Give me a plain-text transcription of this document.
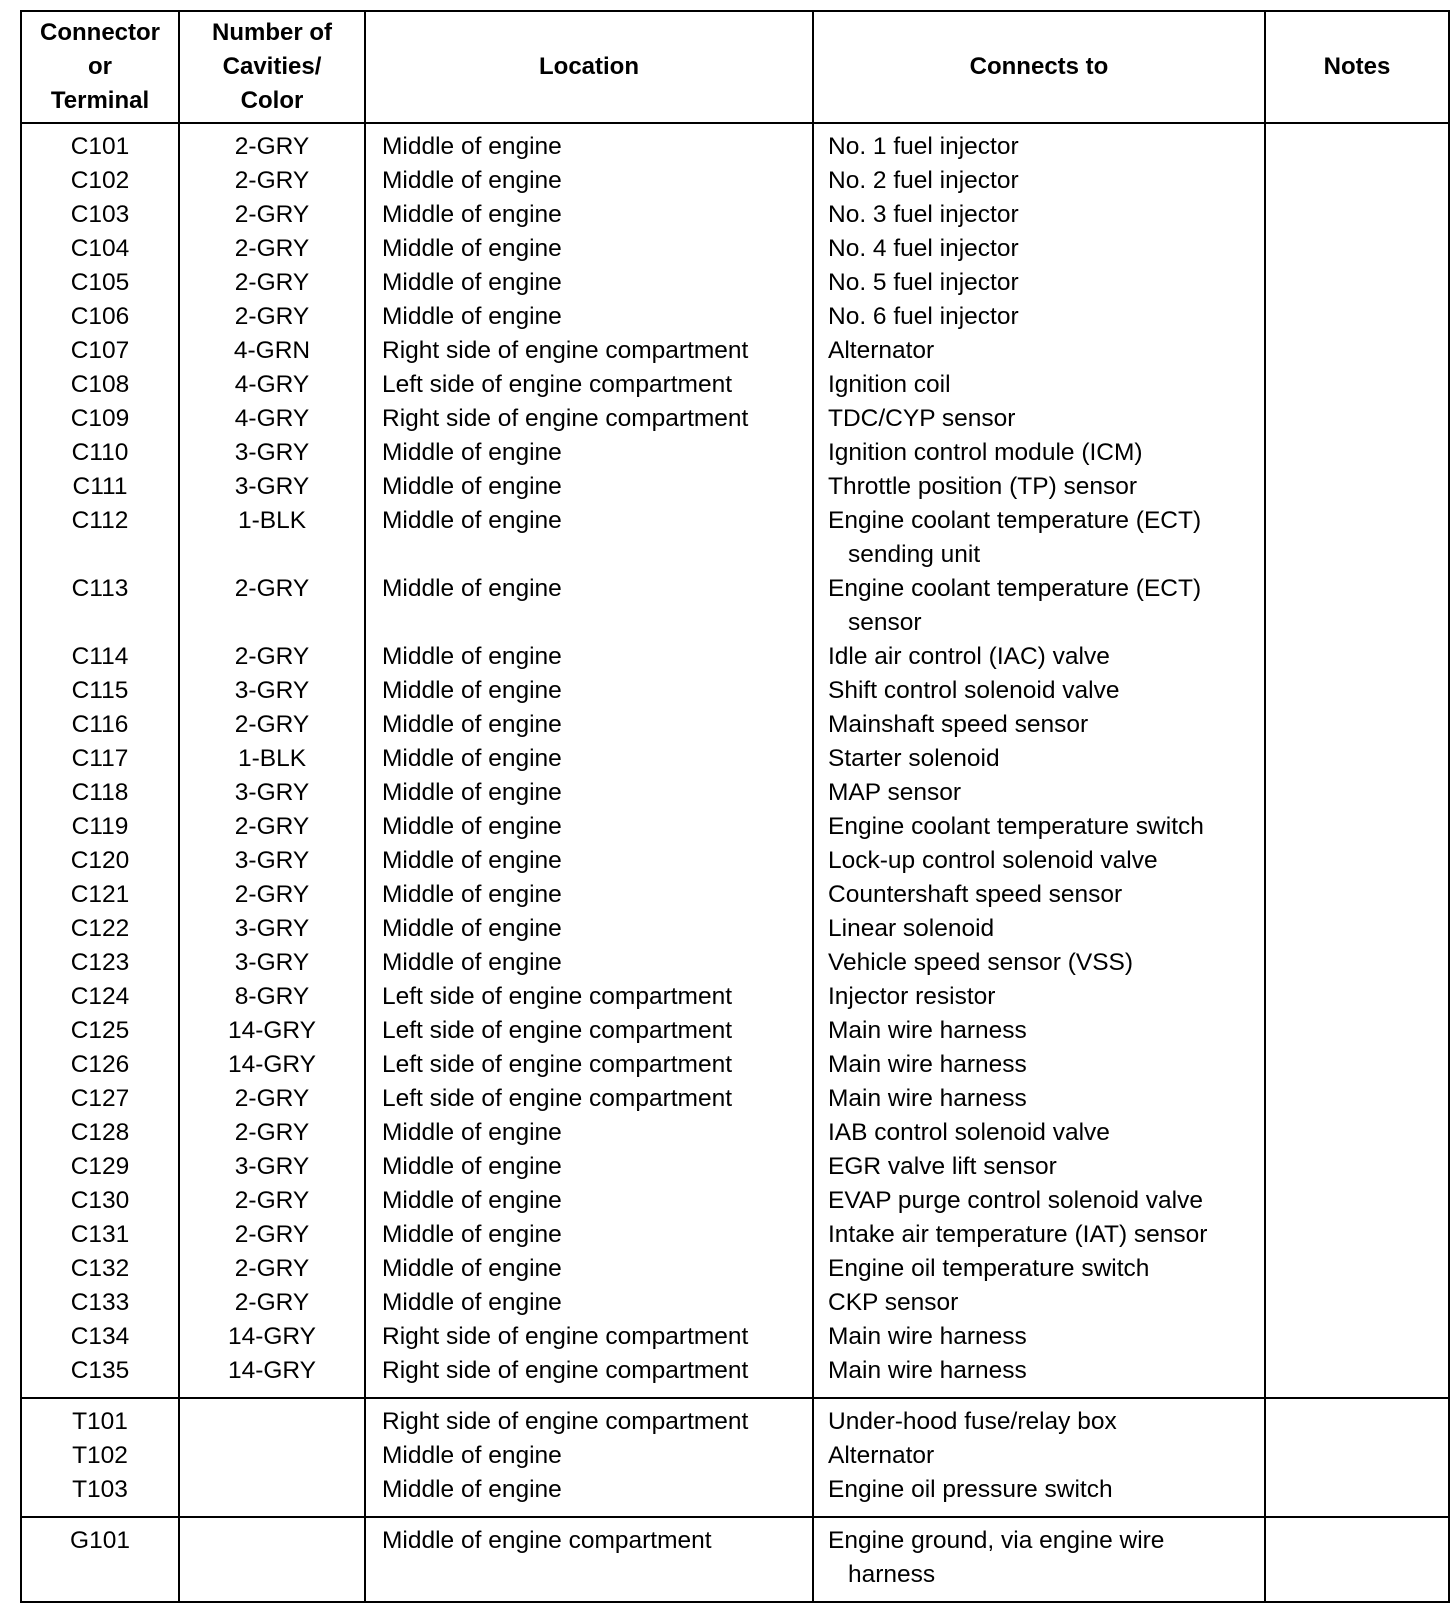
Connector
or
Terminal	Number of
Cavities/
Color	Location	Connects to	Notes
C101	2-GRY	Middle of engine	No. 1 fuel injector	

C102	2-GRY	Middle of engine	No. 2 fuel injector	

C103	2-GRY	Middle of engine	No. 3 fuel injector	

C104	2-GRY	Middle of engine	No. 4 fuel injector	

C105	2-GRY	Middle of engine	No. 5 fuel injector	

C106	2-GRY	Middle of engine	No. 6 fuel injector	

C107	4-GRN	Right side of engine compartment	Alternator	

C108	4-GRY	Left side of engine compartment	Ignition coil	

C109	4-GRY	Right side of engine compartment	TDC/CYP sensor	

C110	3-GRY	Middle of engine	Ignition control module (ICM)	

C111	3-GRY	Middle of engine	Throttle position (TP) sensor	

C112	1-BLK	Middle of engine	Engine coolant temperature (ECT)
sending unit	

C113	2-GRY	Middle of engine	Engine coolant temperature (ECT)
sensor	

C114	2-GRY	Middle of engine	Idle air control (IAC) valve	

C115	3-GRY	Middle of engine	Shift control solenoid valve	

C116	2-GRY	Middle of engine	Mainshaft speed sensor	

C117	1-BLK	Middle of engine	Starter solenoid	

C118	3-GRY	Middle of engine	MAP sensor	

C119	2-GRY	Middle of engine	Engine coolant temperature switch	

C120	3-GRY	Middle of engine	Lock-up control solenoid valve	

C121	2-GRY	Middle of engine	Countershaft speed sensor	

C122	3-GRY	Middle of engine	Linear solenoid	

C123	3-GRY	Middle of engine	Vehicle speed sensor (VSS)	

C124	8-GRY	Left side of engine compartment	Injector resistor	

C125	14-GRY	Left side of engine compartment	Main wire harness	

C126	14-GRY	Left side of engine compartment	Main wire harness	

C127	2-GRY	Left side of engine compartment	Main wire harness	

C128	2-GRY	Middle of engine	IAB control solenoid valve	

C129	3-GRY	Middle of engine	EGR valve lift sensor	

C130	2-GRY	Middle of engine	EVAP purge control solenoid valve	

C131	2-GRY	Middle of engine	Intake air temperature (IAT) sensor	

C132	2-GRY	Middle of engine	Engine oil temperature switch	

C133	2-GRY	Middle of engine	CKP sensor	

C134	14-GRY	Right side of engine compartment	Main wire harness	

C135	14-GRY	Right side of engine compartment	Main wire harness	

T101		Right side of engine compartment	Under-hood fuse/relay box	

T102		Middle of engine	Alternator	

T103		Middle of engine	Engine oil pressure switch	

G101		Middle of engine compartment	Engine ground, via engine wire
harness	
